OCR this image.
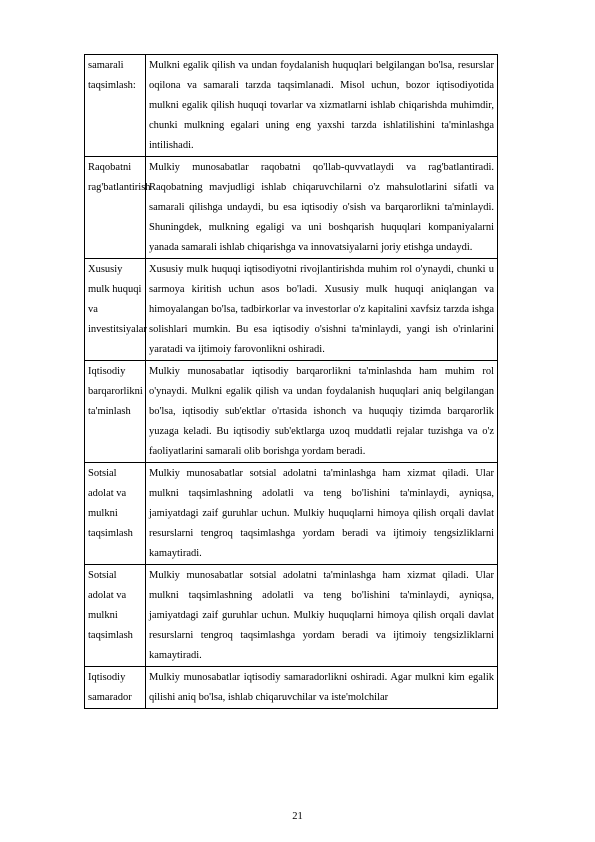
samarali taqsimlash:	Mulkni egalik qilish va undan foydalanish huquqlari belgilangan bo'lsa, resurslar oqilona va samarali tarzda taqsimlanadi. Misol uchun, bozor iqtisodiyotida mulkni egalik qilish huquqi tovarlar va xizmatlarni ishlab chiqarishda muhimdir, chunki mulkning egalari uning eng yaxshi tarzda ishlatilishini ta'minlashga intilishadi.
Raqobatni rag'batlantirish	Mulkiy munosabatlar raqobatni qo'llab-quvvatlaydi va rag'batlantiradi. Raqobatning mavjudligi ishlab chiqaruvchilarni o'z mahsulotlarini sifatli va samarali qilishga undaydi, bu esa iqtisodiy o'sish va barqarorlikni ta'minlaydi. Shuningdek, mulkning egaligi va uni boshqarish huquqlari kompaniyalarni yanada samarali ishlab chiqarishga va innovatsiyalarni joriy etishga undaydi.
Xususiy mulk huquqi va investitsiyalar	Xususiy mulk huquqi iqtisodiyotni rivojlantirishda muhim rol o'ynaydi, chunki u sarmoya kiritish uchun asos bo'ladi. Xususiy mulk huquqi aniqlangan va himoyalangan bo'lsa, tadbirkorlar va investorlar o'z kapitalini xavfsiz tarzda ishga solishlari mumkin. Bu esa iqtisodiy o'sishni ta'minlaydi, yangi ish o'rinlarini yaratadi va ijtimoiy farovonlikni oshiradi.
Iqtisodiy barqarorlikni ta'minlash	Mulkiy munosabatlar iqtisodiy barqarorlikni ta'minlashda ham muhim rol o'ynaydi. Mulkni egalik qilish va undan foydalanish huquqlari aniq belgilangan bo'lsa, iqtisodiy sub'ektlar o'rtasida ishonch va huquqiy tizimda barqarorlik yuzaga keladi. Bu iqtisodiy sub'ektlarga uzoq muddatli rejalar tuzishga va o'z faoliyatlarini samarali olib borishga yordam beradi.
Sotsial adolat va mulkni taqsimlash	Mulkiy munosabatlar sotsial adolatni ta'minlashga ham xizmat qiladi. Ular mulkni taqsimlashning adolatli va teng bo'lishini ta'minlaydi, ayniqsa, jamiyatdagi zaif guruhlar uchun. Mulkiy huquqlarni himoya qilish orqali davlat resurslarni tengroq taqsimlashga yordam beradi va ijtimoiy tengsizliklarni kamaytiradi.
Sotsial adolat va mulkni taqsimlash	Mulkiy munosabatlar sotsial adolatni ta'minlashga ham xizmat qiladi. Ular mulkni taqsimlashning adolatli va teng bo'lishini ta'minlaydi, ayniqsa, jamiyatdagi zaif guruhlar uchun. Mulkiy huquqlarni himoya qilish orqali davlat resurslarni tengroq taqsimlashga yordam beradi va ijtimoiy tengsizliklarni kamaytiradi.
Iqtisodiy samarador	Mulkiy munosabatlar iqtisodiy samaradorlikni oshiradi. Agar mulkni kim egalik qilishi aniq bo'lsa, ishlab chiqaruvchilar va iste'molchilar
21
